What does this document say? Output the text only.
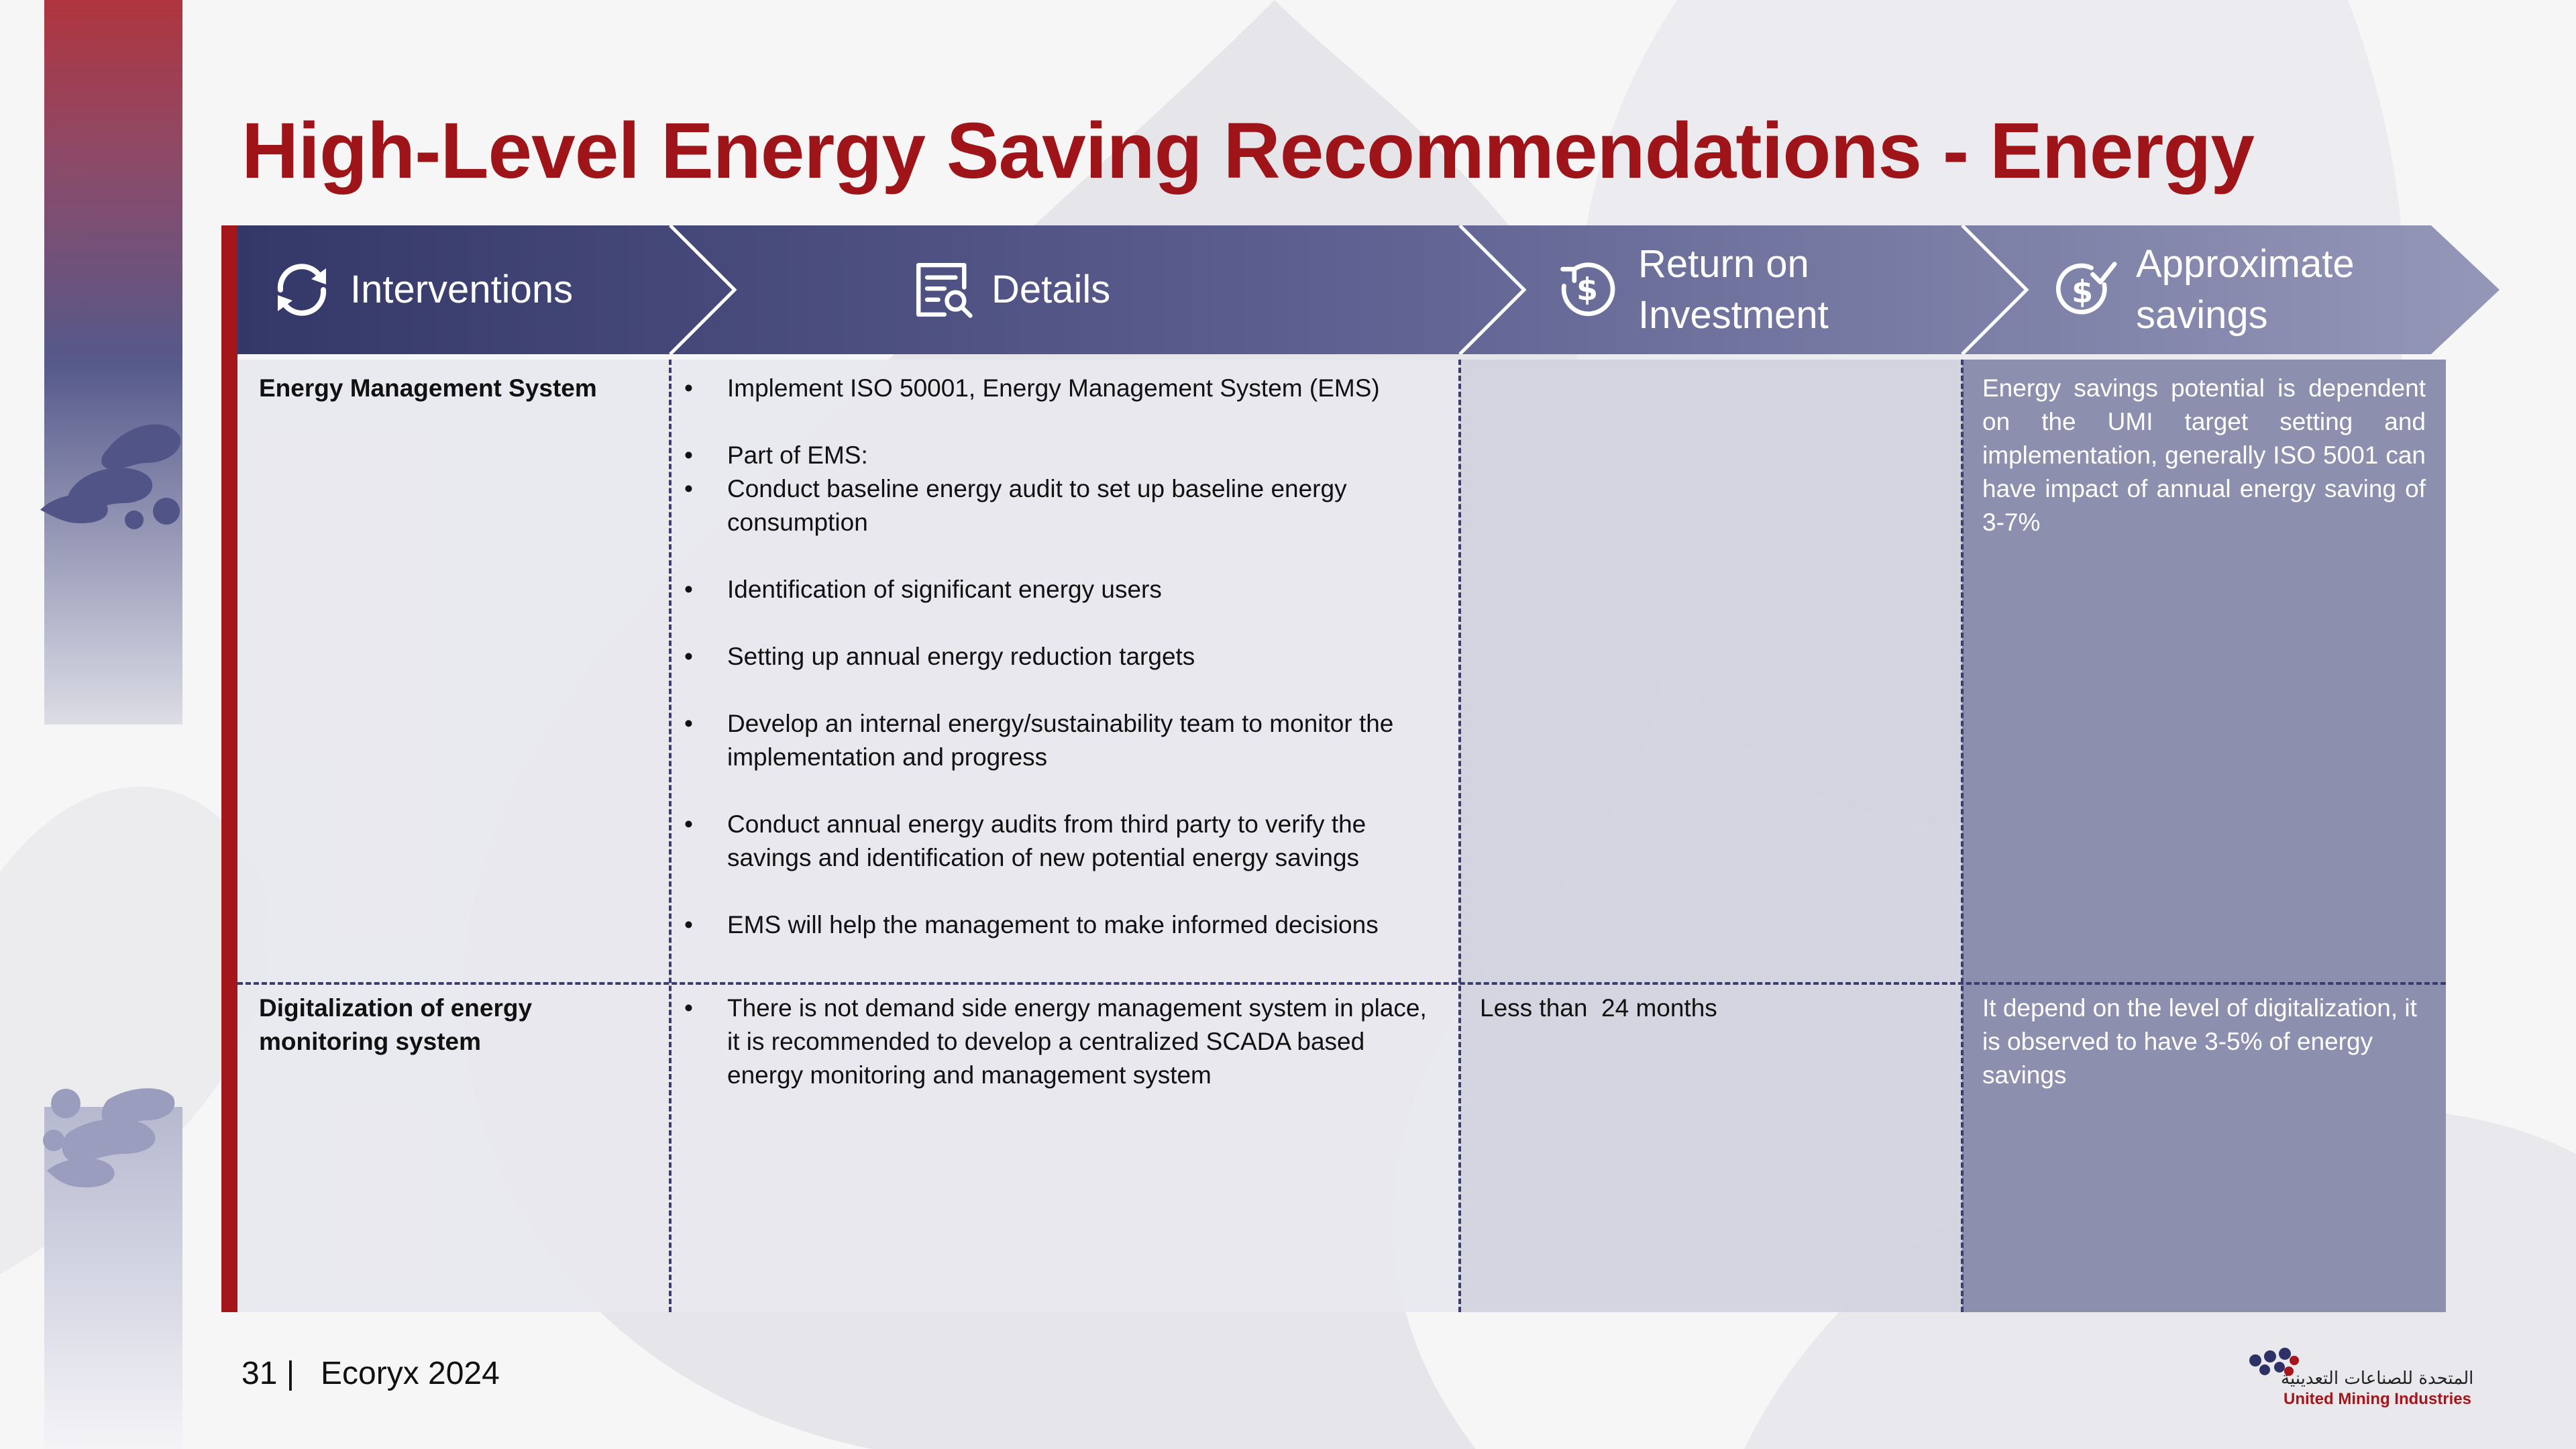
High-Level Energy Saving Recommendations - Energy
Interventions	Details	$
Return on
Investment
$
Approximate
savings
Energy Management System
•	Implement ISO 50001, Energy Management System (EMS)
• Part of EMS:
• Conduct baseline energy audit to set up baseline energy consumption
• Identification of significant energy users
• Setting up annual energy reduction targets
• Develop an internal energy/sustainability team to monitor the implementation and progress
• Conduct annual energy audits from third party to verify the savings and identification of new potential energy savings
• EMS will help the management to make informed decisions
Energy savings potential is dependent on the UMI target setting and implementation, generally ISO 5001 can have impact of annual energy saving of 3-7%
Digitalization of energy monitoring system
• There is not demand side energy management system in place, it is recommended to develop a centralized SCADA based energy monitoring and management system
Less than  24 months	It depend on the level of digitalization, it is observed to have 3-5% of energy savings
31 | Ecoryx 2024	المتحدة للصناعات التعدينية
United Mining Industries
